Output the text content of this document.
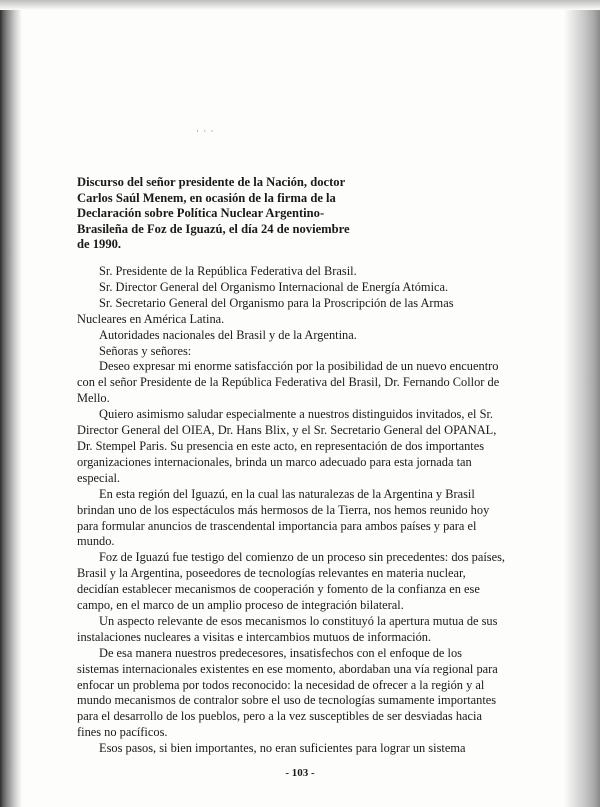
· · ·
Discurso del señor presidente de la Nación, doctor
Carlos Saúl Menem, en ocasión de la firma de la
Declaración sobre Política Nuclear Argentino-
Brasileña de Foz de Iguazú, el día 24 de noviembre
de 1990.
Sr. Presidente de la República Federativa del Brasil.
Sr. Director General del Organismo Internacional de Energía Atómica.
Sr. Secretario General del Organismo para la Proscripción de las Armas
Nucleares en América Latina.
Autoridades nacionales del Brasil y de la Argentina.
Señoras y señores:
Deseo expresar mi enorme satisfacción por la posibilidad de un nuevo encuentro
con el señor Presidente de la República Federativa del Brasil, Dr. Fernando Collor de
Mello.
Quiero asimismo saludar especialmente a nuestros distinguidos invitados, el Sr.
Director General del OIEA, Dr. Hans Blix, y el Sr. Secretario General del OPANAL,
Dr. Stempel Paris. Su presencia en este acto, en representación de dos importantes
organizaciones internacionales, brinda un marco adecuado para esta jornada tan
especial.
En esta región del Iguazú, en la cual las naturalezas de la Argentina y Brasil
brindan uno de los espectáculos más hermosos de la Tierra, nos hemos reunido hoy
para formular anuncios de trascendental importancia para ambos países y para el
mundo.
Foz de Iguazú fue testigo del comienzo de un proceso sin precedentes: dos países,
Brasil y la Argentina, poseedores de tecnologías relevantes en materia nuclear,
decidían establecer mecanismos de cooperación y fomento de la confianza en ese
campo, en el marco de un amplio proceso de integración bilateral.
Un aspecto relevante de esos mecanismos lo constituyó la apertura mutua de sus
instalaciones nucleares a visitas e intercambios mutuos de información.
De esa manera nuestros predecesores, insatisfechos con el enfoque de los
sistemas internacionales existentes en ese momento, abordaban una vía regional para
enfocar un problema por todos reconocido: la necesidad de ofrecer a la región y al
mundo mecanismos de contralor sobre el uso de tecnologías sumamente importantes
para el desarrollo de los pueblos, pero a la vez susceptibles de ser desviadas hacia
fines no pacíficos.
Esos pasos, si bien importantes, no eran suficientes para lograr un sistema
- 103 -
